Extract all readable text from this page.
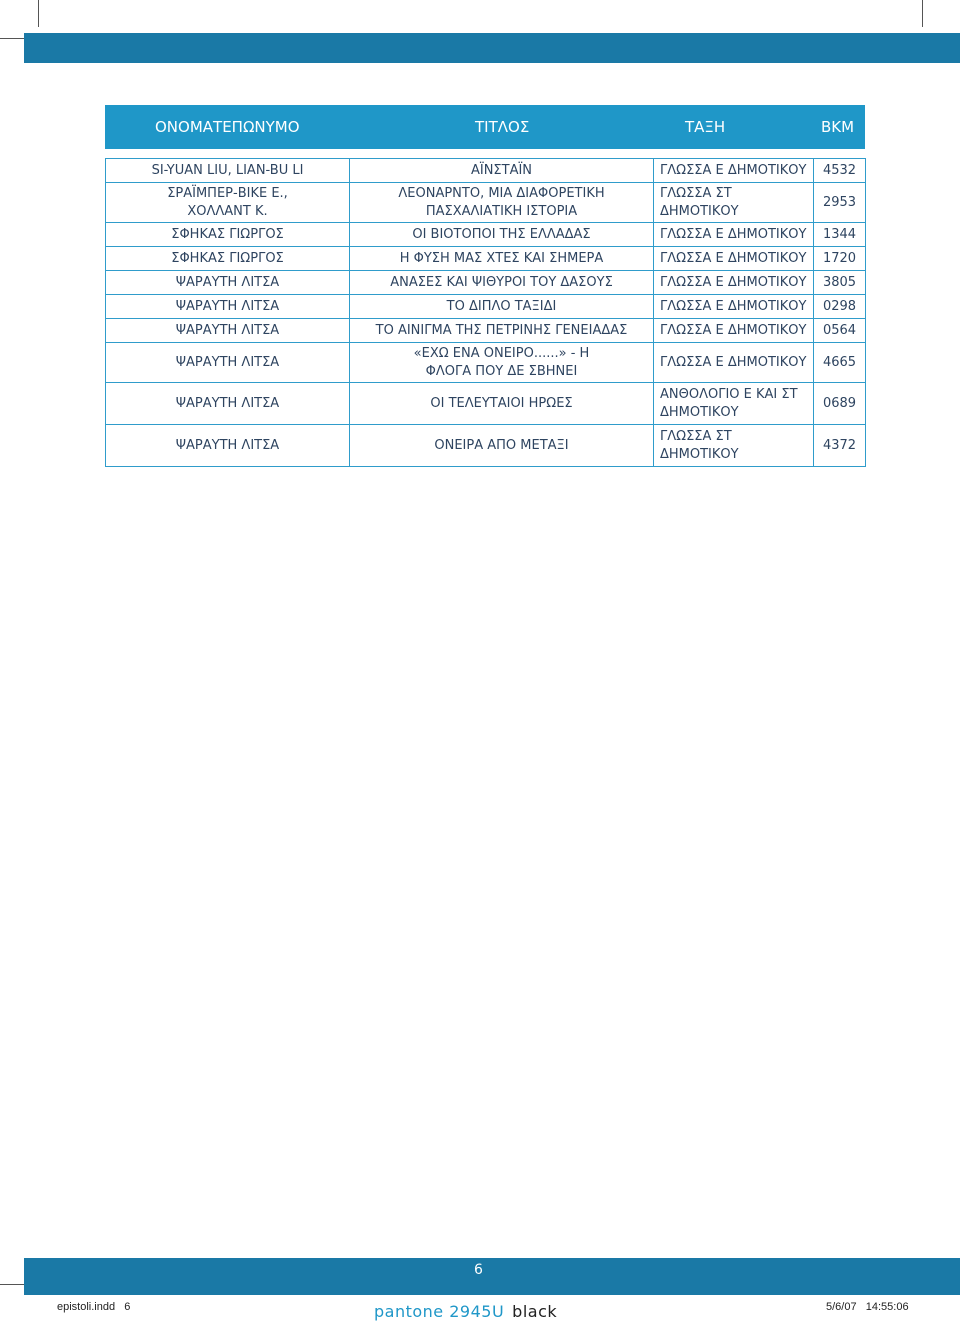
ΟΝΟΜΑΤΕΠΩΝΥΜΟ	ΤΙΤΛΟΣ	ΤΑΞΗ	ΒΚΜ
SI-YUAN LIU, LIAN-BU LI	ΑΪΝΣΤΑΪΝ	ΓΛΩΣΣΑ Ε ΔΗΜΟΤΙΚΟΥ	4532

ΣΡΑΪΜΠΕΡ-ΒΙΚΕ Ε., ΧΟΛΛΑΝΤ Κ.	ΛΕΟΝΑΡΝΤΟ, ΜΙΑ ΔΙΑΦΟΡΕΤΙΚΗ ΠΑΣΧΑΛΙΑΤΙΚΗ ΙΣΤΟΡΙΑ	ΓΛΩΣΣΑ ΣΤ ΔΗΜΟΤΙΚΟΥ	2953
ΣΦΗΚΑΣ ΓΙΩΡΓΟΣ	ΟΙ ΒΙΟΤΟΠΟΙ ΤΗΣ ΕΛΛΑΔΑΣ	ΓΛΩΣΣΑ Ε ΔΗΜΟΤΙΚΟΥ	1344
ΣΦΗΚΑΣ ΓΙΩΡΓΟΣ	Η ΦΥΣΗ ΜΑΣ ΧΤΕΣ ΚΑΙ ΣΗΜΕΡΑ	ΓΛΩΣΣΑ Ε ΔΗΜΟΤΙΚΟΥ	1720
ΨΑΡΑΥΤΗ ΛΙΤΣΑ	ΑΝΑΣΕΣ ΚΑΙ ΨΙΘΥΡΟΙ ΤΟΥ ΔΑΣΟΥΣ	ΓΛΩΣΣΑ Ε ΔΗΜΟΤΙΚΟΥ	3805
ΨΑΡΑΥΤΗ ΛΙΤΣΑ	ΤΟ ΔΙΠΛΟ ΤΑΞΙΔΙ	ΓΛΩΣΣΑ Ε ΔΗΜΟΤΙΚΟΥ	0298
ΨΑΡΑΥΤΗ ΛΙΤΣΑ	ΤΟ ΑΙΝΙΓΜΑ ΤΗΣ ΠΕΤΡΙΝΗΣ ΓΕΝΕΙΑΔΑΣ	ΓΛΩΣΣΑ Ε ΔΗΜΟΤΙΚΟΥ	0564
ΨΑΡΑΥΤΗ ΛΙΤΣΑ	«ΕΧΩ ΕΝΑ ΟΝΕΙΡΟ......» - Η ΦΛΟΓΑ ΠΟΥ ΔΕ ΣΒΗΝΕΙ	ΓΛΩΣΣΑ Ε ΔΗΜΟΤΙΚΟΥ	4665
ΨΑΡΑΥΤΗ ΛΙΤΣΑ	ΟΙ ΤΕΛΕΥΤΑΙΟΙ ΗΡΩΕΣ	ΑΝΘΟΛΟΓΙΟ Ε ΚΑΙ ΣΤ ΔΗΜΟΤΙΚΟΥ	0689
ΨΑΡΑΥΤΗ ΛΙΤΣΑ	ΟΝΕΙΡΑ ΑΠΟ ΜΕΤΑΞΙ	ΓΛΩΣΣΑ ΣΤ ΔΗΜΟΤΙΚΟΥ	4372
6
epistoli.indd   6	pantone 2945U black	5/6/07   14:55:06
